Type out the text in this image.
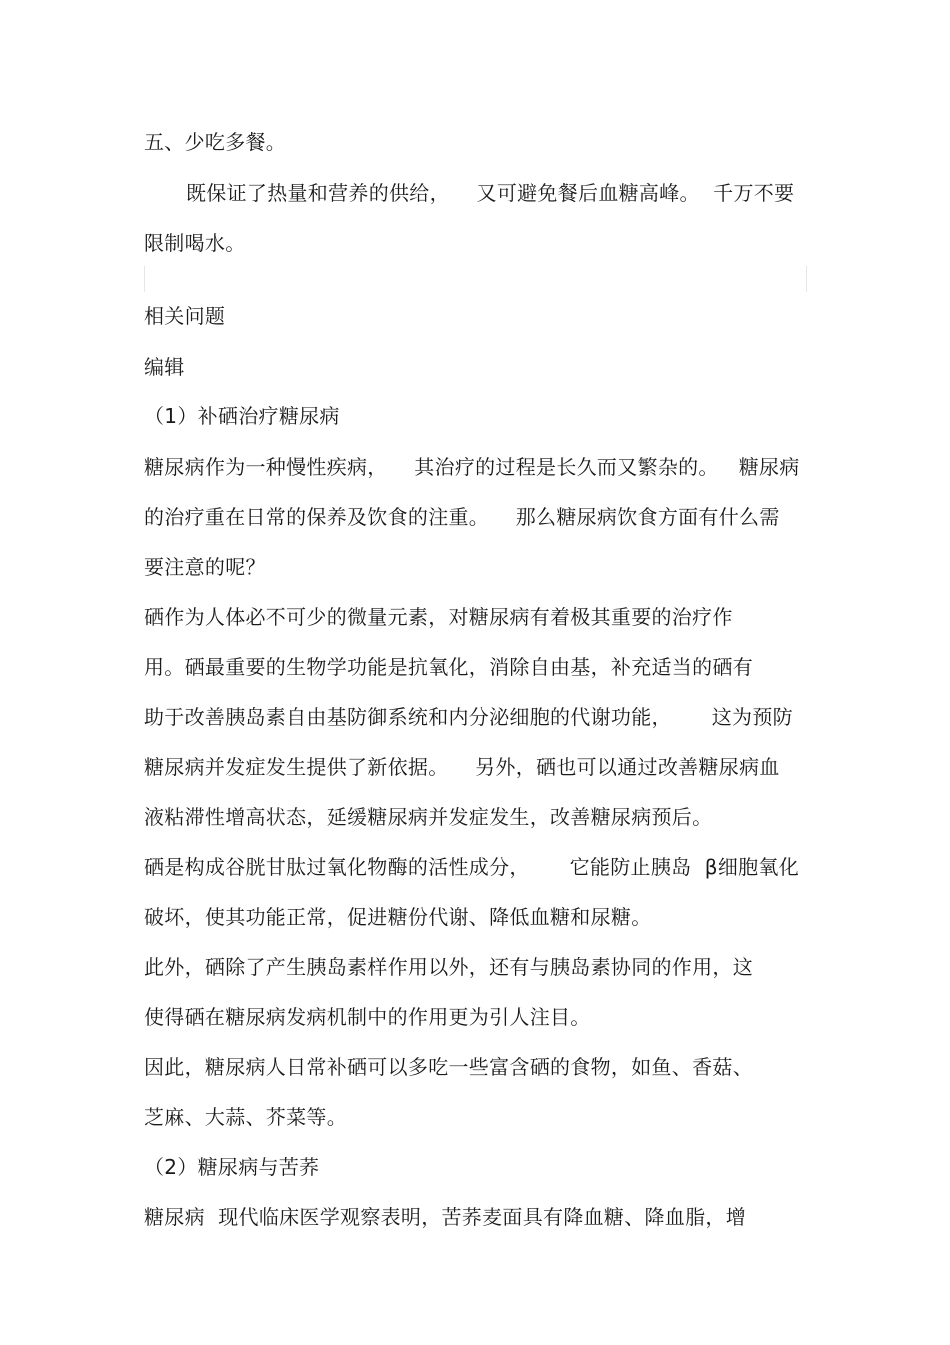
五、少吃多餐。
既保证了热量和营养的供给，    又可避免餐后血糖高峰。  千万不要
限制喝水。
相关问题
编辑
（1）补硒治疗糖尿病
糖尿病作为一种慢性疾病，    其治疗的过程是长久而又繁杂的。   糖尿病
的治疗重在日常的保养及饮食的注重。    那么糖尿病饮食方面有什么需
要注意的呢？
硒作为人体必不可少的微量元素，对糖尿病有着极其重要的治疗作
用。硒最重要的生物学功能是抗氧化，消除自由基，补充适当的硒有
助于改善胰岛素自由基防御系统和内分泌细胞的代谢功能，      这为预防
糖尿病并发症发生提供了新依据。    另外，硒也可以通过改善糖尿病血
液粘滞性增高状态，延缓糖尿病并发症发生，改善糖尿病预后。
硒是构成谷胱甘肽过氧化物酶的活性成分，      它能防止胰岛  β细胞氧化
破坏，使其功能正常，促进糖份代谢、降低血糖和尿糖。
此外，硒除了产生胰岛素样作用以外，还有与胰岛素协同的作用，这
使得硒在糖尿病发病机制中的作用更为引人注目。
因此，糖尿病人日常补硒可以多吃一些富含硒的食物，如鱼、香菇、
芝麻、大蒜、芥菜等。
（2）糖尿病与苦荞
糖尿病  现代临床医学观察表明，苦荞麦面具有降血糖、降血脂，增
